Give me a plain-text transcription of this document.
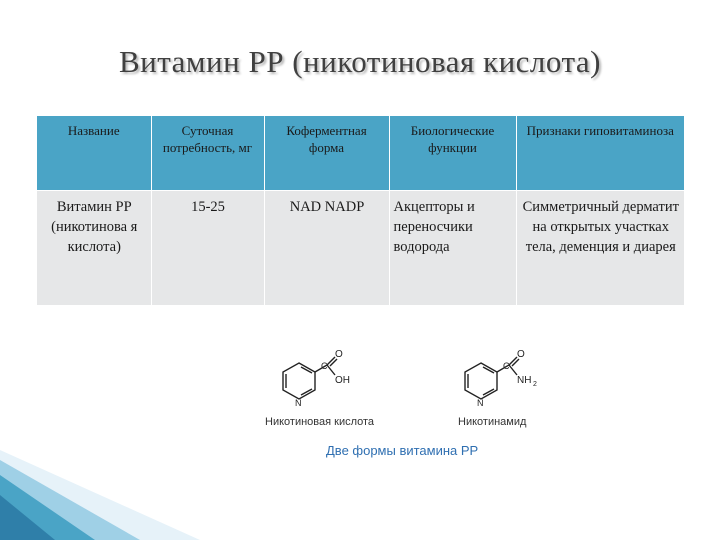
Витамин РР (никотиновая кислота)
Название	Суточная потребность, мг	Коферментная форма	Биологические функции	Признаки гиповитаминоза
Витамин РР (никотинова я кислота)	15-25	NAD NADP	Акцепторы и переносчики водорода	Симметричный дерматит на открытых участках тела, деменция и диарея
N
C
O
OH
N
C
O
NH 2
Никотиновая кислота	Никотинамид
Две формы витамина РР
